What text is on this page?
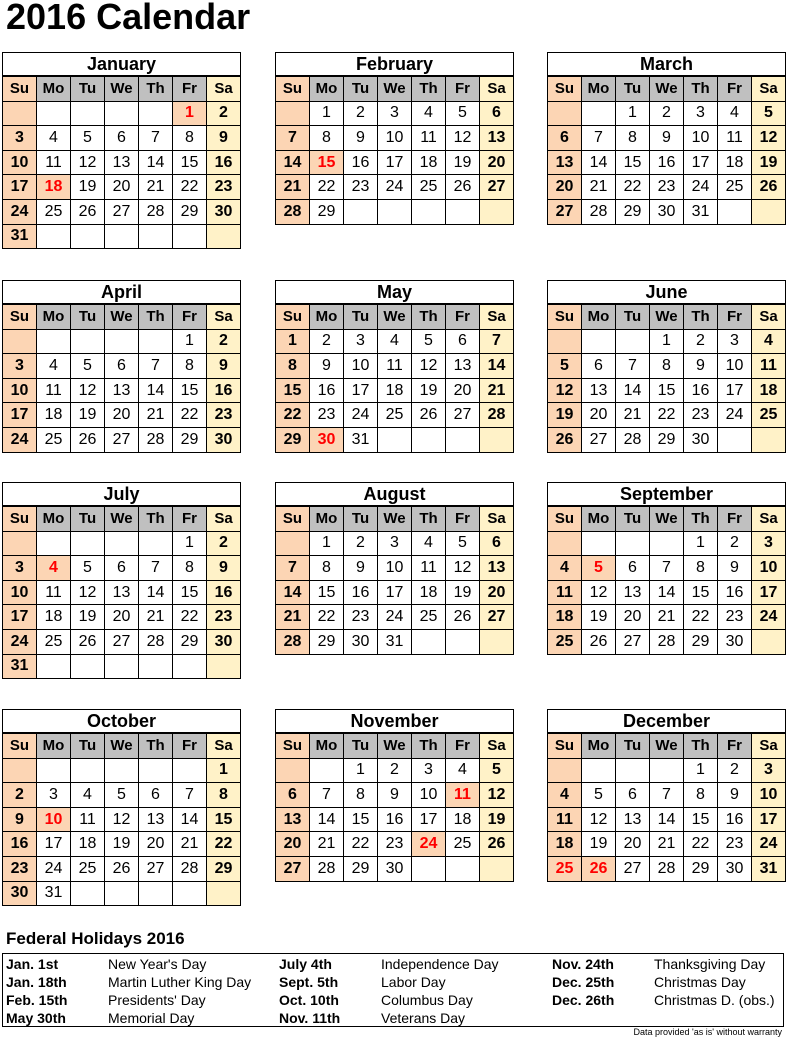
2016 Calendar
January
Su	Mo	Tu	We	Th	Fr	Sa
					1	2
3	4	5	6	7	8	9
10	11	12	13	14	15	16
17	18	19	20	21	22	23
24	25	26	27	28	29	30
31						
February
Su	Mo	Tu	We	Th	Fr	Sa
	1	2	3	4	5	6
7	8	9	10	11	12	13
14	15	16	17	18	19	20
21	22	23	24	25	26	27
28	29					
March
Su	Mo	Tu	We	Th	Fr	Sa
		1	2	3	4	5
6	7	8	9	10	11	12
13	14	15	16	17	18	19
20	21	22	23	24	25	26
27	28	29	30	31		
April
Su	Mo	Tu	We	Th	Fr	Sa
					1	2
3	4	5	6	7	8	9
10	11	12	13	14	15	16
17	18	19	20	21	22	23
24	25	26	27	28	29	30
May
Su	Mo	Tu	We	Th	Fr	Sa
1	2	3	4	5	6	7
8	9	10	11	12	13	14
15	16	17	18	19	20	21
22	23	24	25	26	27	28
29	30	31				
June
Su	Mo	Tu	We	Th	Fr	Sa
			1	2	3	4
5	6	7	8	9	10	11
12	13	14	15	16	17	18
19	20	21	22	23	24	25
26	27	28	29	30		
July
Su	Mo	Tu	We	Th	Fr	Sa
					1	2
3	4	5	6	7	8	9
10	11	12	13	14	15	16
17	18	19	20	21	22	23
24	25	26	27	28	29	30
31						
August
Su	Mo	Tu	We	Th	Fr	Sa
	1	2	3	4	5	6
7	8	9	10	11	12	13
14	15	16	17	18	19	20
21	22	23	24	25	26	27
28	29	30	31			
September
Su	Mo	Tu	We	Th	Fr	Sa
				1	2	3
4	5	6	7	8	9	10
11	12	13	14	15	16	17
18	19	20	21	22	23	24
25	26	27	28	29	30	
October
Su	Mo	Tu	We	Th	Fr	Sa
						1
2	3	4	5	6	7	8
9	10	11	12	13	14	15
16	17	18	19	20	21	22
23	24	25	26	27	28	29
30	31					
November
Su	Mo	Tu	We	Th	Fr	Sa
		1	2	3	4	5
6	7	8	9	10	11	12
13	14	15	16	17	18	19
20	21	22	23	24	25	26
27	28	29	30			
December
Su	Mo	Tu	We	Th	Fr	Sa
				1	2	3
4	5	6	7	8	9	10
11	12	13	14	15	16	17
18	19	20	21	22	23	24
25	26	27	28	29	30	31
Federal Holidays 2016
Jan. 1st	New Year's Day
Jan. 18th	Martin Luther King Day
Feb. 15th	Presidents' Day
May 30th	Memorial Day
July 4th	Independence Day
Sept. 5th	Labor Day
Oct. 10th	Columbus Day
Nov. 11th	Veterans Day
Nov. 24th	Thanksgiving Day
Dec. 25th	Christmas Day
Dec. 26th	Christmas D. (obs.)
Data provided 'as is' without warranty
